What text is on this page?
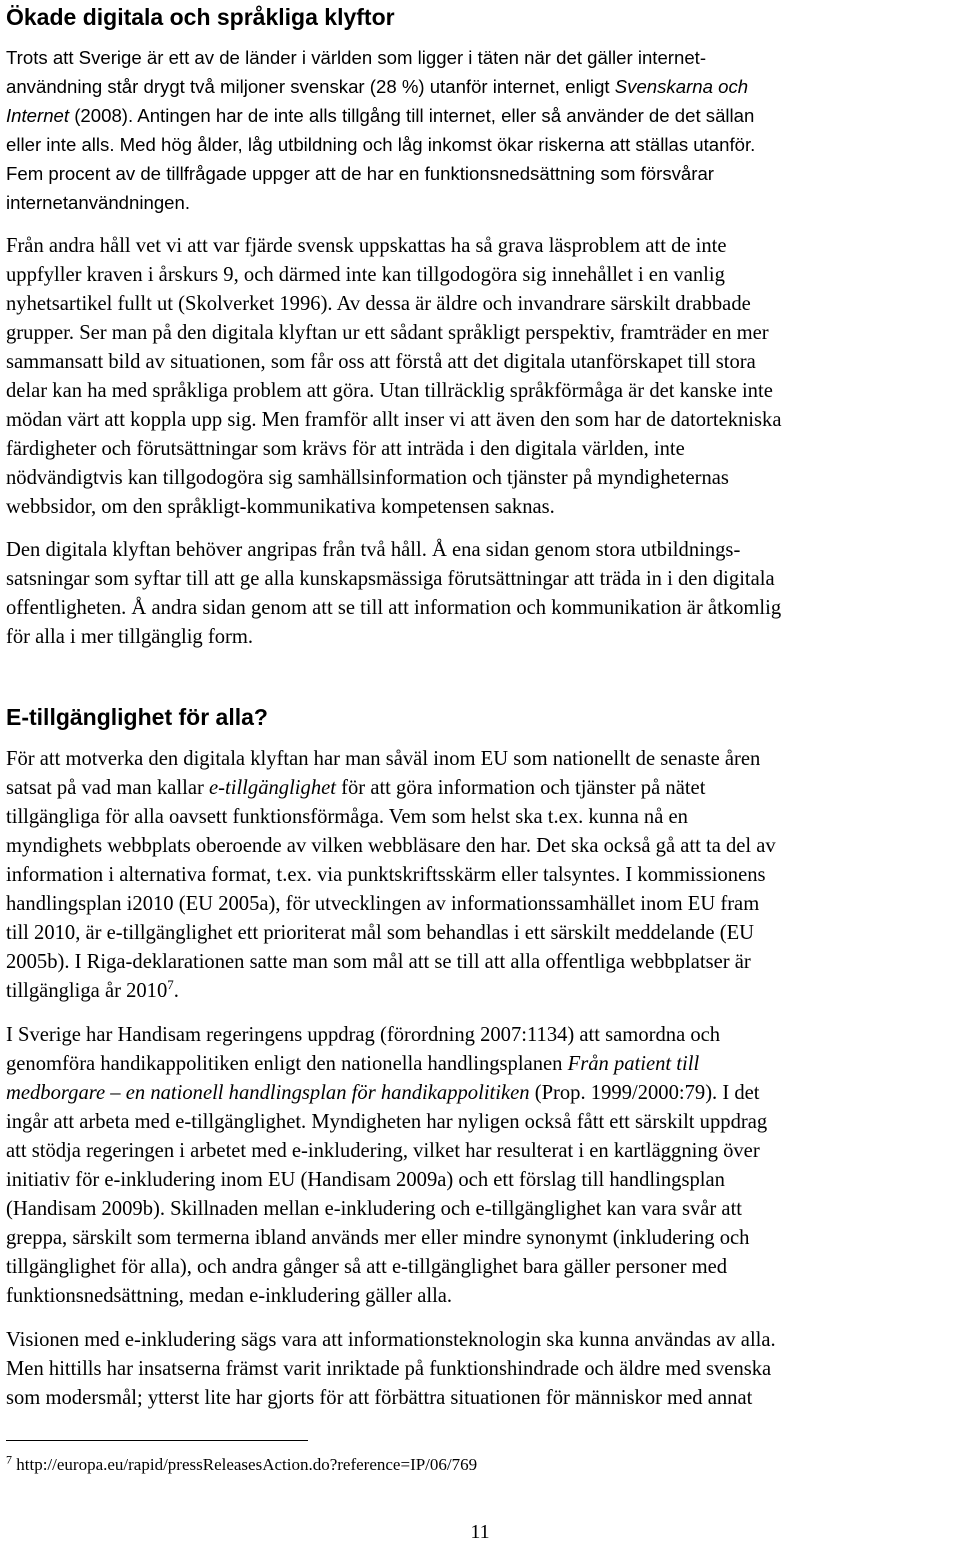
Ökade digitala och språkliga klyftor
Trots att Sverige är ett av de länder i världen som ligger i täten när det gäller internet-
användning står drygt två miljoner svenskar (28 %) utanför internet, enligt Svenskarna och
Internet (2008). Antingen har de inte alls tillgång till internet, eller så använder de det sällan
eller inte alls. Med hög ålder, låg utbildning och låg inkomst ökar riskerna att ställas utanför.
Fem procent av de tillfrågade uppger att de har en funktionsnedsättning som försvårar
internetanvändningen.
Från andra håll vet vi att var fjärde svensk uppskattas ha så grava läsproblem att de inte
uppfyller kraven i årskurs 9, och därmed inte kan tillgodogöra sig innehållet i en vanlig
nyhetsartikel fullt ut (Skolverket 1996). Av dessa är äldre och invandrare särskilt drabbade
grupper. Ser man på den digitala klyftan ur ett sådant språkligt perspektiv, framträder en mer
sammansatt bild av situationen, som får oss att förstå att det digitala utanförskapet till stora
delar kan ha med språkliga problem att göra. Utan tillräcklig språkförmåga är det kanske inte
mödan värt att koppla upp sig. Men framför allt inser vi att även den som har de datortekniska
färdigheter och förutsättningar som krävs för att inträda i den digitala världen, inte
nödvändigtvis kan tillgodogöra sig samhällsinformation och tjänster på myndigheternas
webbsidor, om den språkligt-kommunikativa kompetensen saknas.
Den digitala klyftan behöver angripas från två håll. Å ena sidan genom stora utbildnings-
satsningar som syftar till att ge alla kunskapsmässiga förutsättningar att träda in i den digitala
offentligheten. Å andra sidan genom att se till att information och kommunikation är åtkomlig
för alla i mer tillgänglig form.
E-tillgänglighet för alla?
För att motverka den digitala klyftan har man såväl inom EU som nationellt de senaste åren
satsat på vad man kallar e-tillgänglighet för att göra information och tjänster på nätet
tillgängliga för alla oavsett funktionsförmåga. Vem som helst ska t.ex. kunna nå en
myndighets webbplats oberoende av vilken webbläsare den har. Det ska också gå att ta del av
information i alternativa format, t.ex. via punktskriftsskärm eller talsyntes. I kommissionens
handlingsplan i2010 (EU 2005a), för utvecklingen av informationssamhället inom EU fram
till 2010, är e-tillgänglighet ett prioriterat mål som behandlas i ett särskilt meddelande (EU
2005b). I Riga-deklarationen satte man som mål att se till att alla offentliga webbplatser är
tillgängliga år 2010$^7$.
I Sverige har Handisam regeringens uppdrag (förordning 2007:1134) att samordna och
genomföra handikappolitiken enligt den nationella handlingsplanen Från patient till
medborgare – en nationell handlingsplan för handikappolitiken (Prop. 1999/2000:79). I det
ingår att arbeta med e-tillgänglighet. Myndigheten har nyligen också fått ett särskilt uppdrag
att stödja regeringen i arbetet med e-inkludering, vilket har resulterat i en kartläggning över
initiativ för e-inkludering inom EU (Handisam 2009a) och ett förslag till handlingsplan
(Handisam 2009b). Skillnaden mellan e-inkludering och e-tillgänglighet kan vara svår att
greppa, särskilt som termerna ibland används mer eller mindre synonymt (inkludering och
tillgänglighet för alla), och andra gånger så att e-tillgänglighet bara gäller personer med
funktionsnedsättning, medan e-inkludering gäller alla.
Visionen med e-inkludering sägs vara att informationsteknologin ska kunna användas av alla.
Men hittills har insatserna främst varit inriktade på funktionshindrade och äldre med svenska
som modersmål; ytterst lite har gjorts för att förbättra situationen för människor med annat
$^7$ http://europa.eu/rapid/pressReleasesAction.do?reference=IP/06/769
11
